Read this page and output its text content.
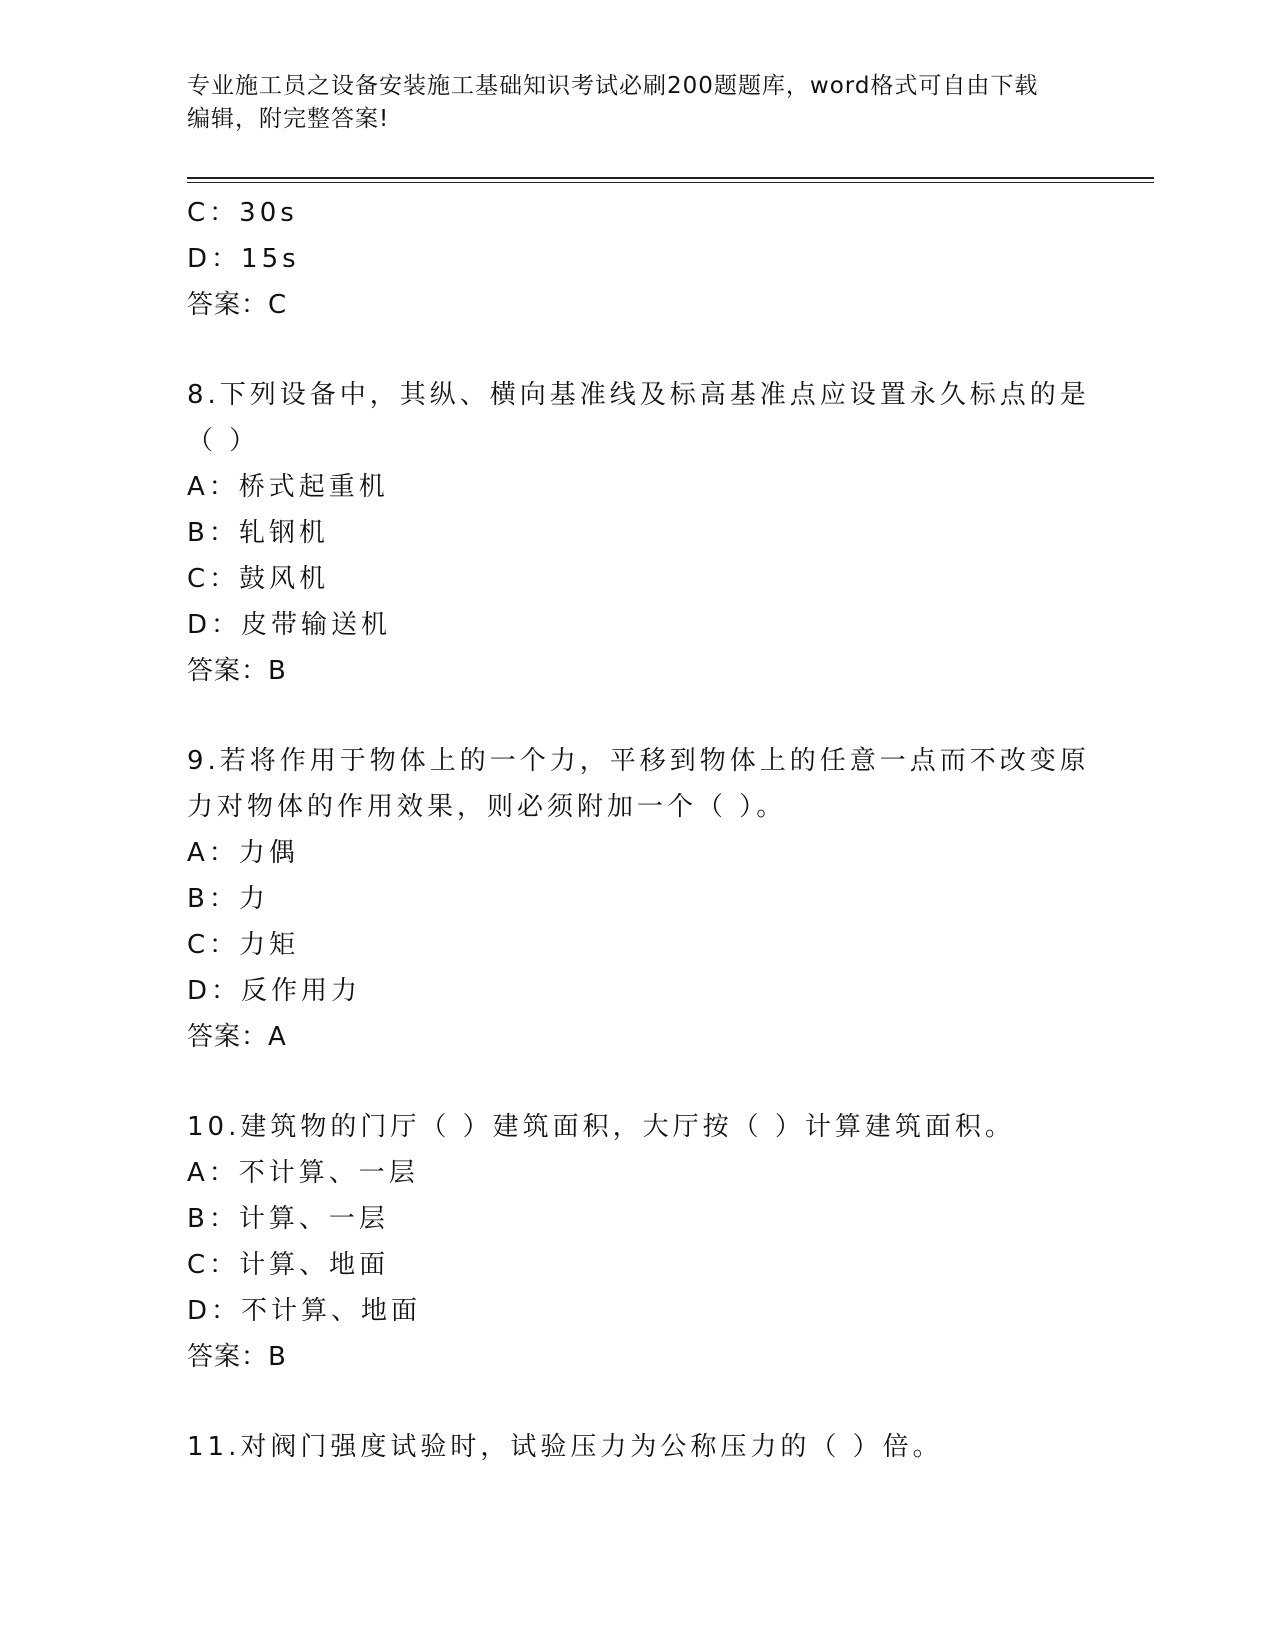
专业施工员之设备安装施工基础知识考试必刷200题题库，word格式可自由下载
编辑，附完整答案!
C：30s
D：15s
答案：C
8.下列设备中，其纵、横向基准线及标高基准点应设置永久标点的是
（ ）
A：桥式起重机
B：轧钢机
C：鼓风机
D：皮带输送机
答案：B
9.若将作用于物体上的一个力，平移到物体上的任意一点而不改变原
力对物体的作用效果，则必须附加一个（ ）。
A：力偶
B：力
C：力矩
D：反作用力
答案：A
10.建筑物的门厅（ ）建筑面积，大厅按（ ）计算建筑面积。
A：不计算、一层
B：计算、一层
C：计算、地面
D：不计算、地面
答案：B
11.对阀门强度试验时，试验压力为公称压力的（ ）倍。
